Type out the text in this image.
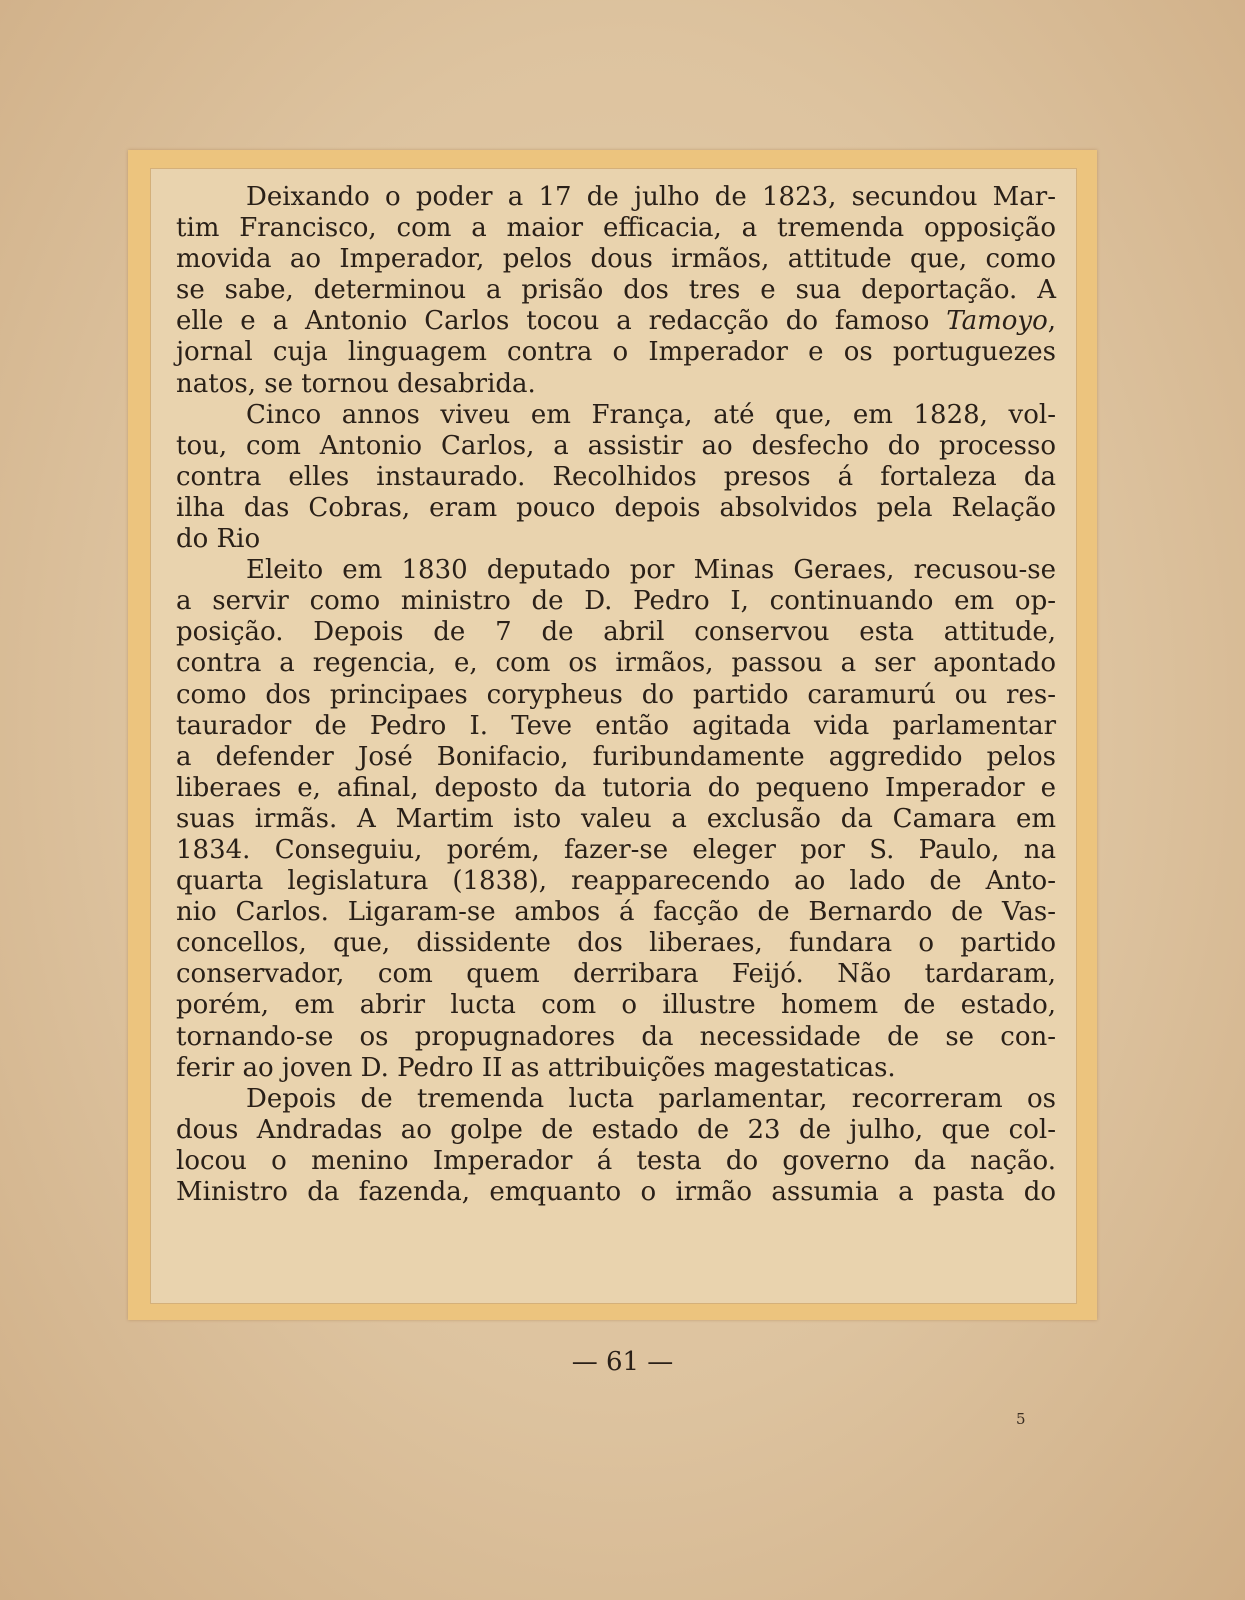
Deixando o poder a 17 de julho de 1823, secundou Mar-
tim Francisco, com a maior efficacia, a tremenda opposição
movida ao Imperador, pelos dous irmãos, attitude que, como
se sabe, determinou a prisão dos tres e sua deportação. A
elle e a Antonio Carlos tocou a redacção do famoso Tamoyo,
jornal cuja linguagem contra o Imperador e os portuguezes
natos, se tornou desabrida.
Cinco annos viveu em França, até que, em 1828, vol-
tou, com Antonio Carlos, a assistir ao desfecho do processo
contra elles instaurado. Recolhidos presos á fortaleza da
ilha das Cobras, eram pouco depois absolvidos pela Relação
do Rio
Eleito em 1830 deputado por Minas Geraes, recusou-se
a servir como ministro de D. Pedro I, continuando em op-
posição. Depois de 7 de abril conservou esta attitude,
contra a regencia, e, com os irmãos, passou a ser apontado
como dos principaes corypheus do partido caramurú ou res-
taurador de Pedro I. Teve então agitada vida parlamentar
a defender José Bonifacio, furibundamente aggredido pelos
liberaes e, afinal, deposto da tutoria do pequeno Imperador e
suas irmãs. A Martim isto valeu a exclusão da Camara em
1834. Conseguiu, porém, fazer-se eleger por S. Paulo, na
quarta legislatura (1838), reapparecendo ao lado de Anto-
nio Carlos. Ligaram-se ambos á facção de Bernardo de Vas-
concellos, que, dissidente dos liberaes, fundara o partido
conservador, com quem derribara Feijó. Não tardaram,
porém, em abrir lucta com o illustre homem de estado,
tornando-se os propugnadores da necessidade de se con-
ferir ao joven D. Pedro II as attribuições magestaticas.
Depois de tremenda lucta parlamentar, recorreram os
dous Andradas ao golpe de estado de 23 de julho, que col-
locou o menino Imperador á testa do governo da nação.
Ministro da fazenda, emquanto o irmão assumia a pasta do
— 61 —
5
